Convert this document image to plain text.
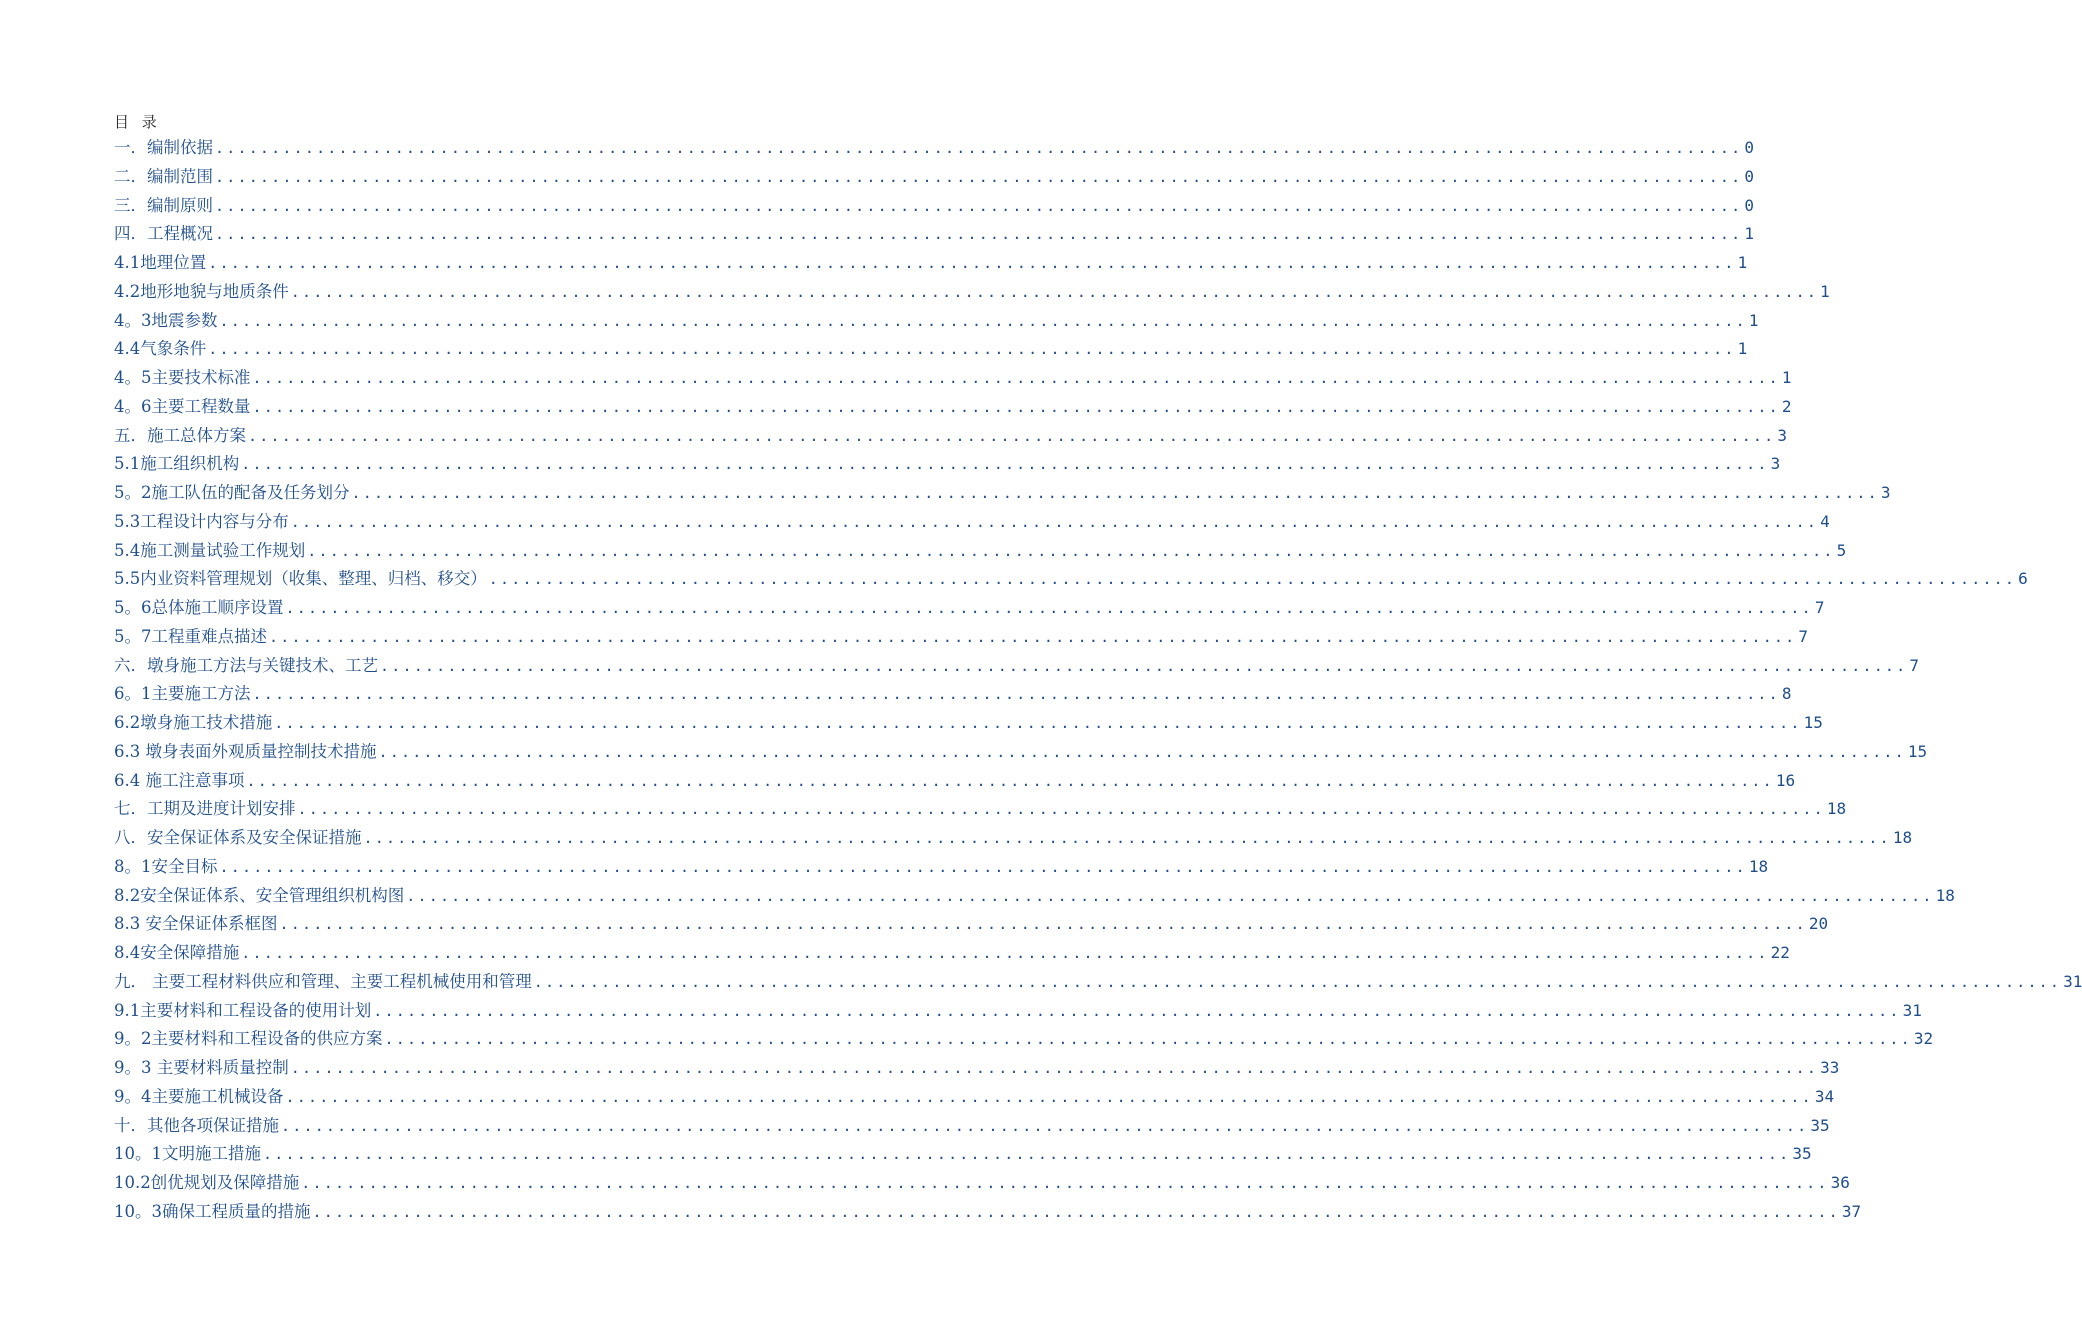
目 录
一．编制依据 ........................................................................................................................................ 0
二．编制范围 ........................................................................................................................................ 0
三．编制原则 ........................................................................................................................................ 0
四．工程概况 ........................................................................................................................................ 1
4.1地理位置 ........................................................................................................................................ 1
4.2地形地貌与地质条件 ........................................................................................................................................ 1
4。3地震参数 ........................................................................................................................................ 1
4.4气象条件 ........................................................................................................................................ 1
4。5主要技术标准 ........................................................................................................................................ 1
4。6主要工程数量 ........................................................................................................................................ 2
五．施工总体方案 ........................................................................................................................................ 3
5.1施工组织机构 ........................................................................................................................................ 3
5。2施工队伍的配备及任务划分 ........................................................................................................................................ 3
5.3工程设计内容与分布 ........................................................................................................................................ 4
5.4施工测量试验工作规划 ........................................................................................................................................ 5
5.5内业资料管理规划（收集、整理、归档、移交） ........................................................................................................................................ 6
5。6总体施工顺序设置 ........................................................................................................................................ 7
5。7工程重难点描述 ........................................................................................................................................ 7
六．墩身施工方法与关键技术、工艺 ........................................................................................................................................ 7
6。1主要施工方法 ........................................................................................................................................ 8
6.2墩身施工技术措施 ........................................................................................................................................ 15
6.3 墩身表面外观质量控制技术措施 ........................................................................................................................................ 15
6.4 施工注意事项 ........................................................................................................................................ 16
七．工期及进度计划安排 ........................................................................................................................................ 18
八．安全保证体系及安全保证措施 ........................................................................................................................................ 18
8。1安全目标 ........................................................................................................................................ 18
8.2安全保证体系、安全管理组织机构图 ........................................................................................................................................ 18
8.3 安全保证体系框图 ........................................................................................................................................ 20
8.4安全保障措施 ........................................................................................................................................ 22
九． 主要工程材料供应和管理、主要工程机械使用和管理 ........................................................................................................................................ 31
9.1主要材料和工程设备的使用计划 ........................................................................................................................................ 31
9。2主要材料和工程设备的供应方案 ........................................................................................................................................ 32
9。3 主要材料质量控制 ........................................................................................................................................ 33
9。4主要施工机械设备 ........................................................................................................................................ 34
十．其他各项保证措施 ........................................................................................................................................ 35
10。1文明施工措施 ........................................................................................................................................ 35
10.2创优规划及保障措施 ........................................................................................................................................ 36
10。3确保工程质量的措施 ........................................................................................................................................ 37
